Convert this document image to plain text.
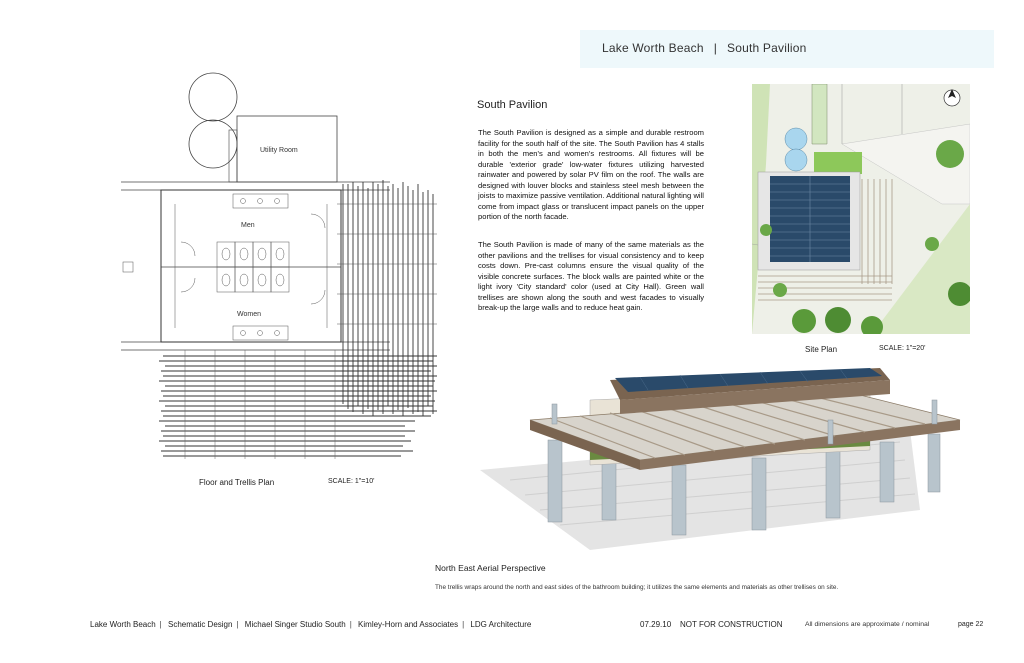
Lake Worth Beach | South Pavilion
Utility Room
Men
Women
Floor and Trellis Plan	SCALE: 1"=10'
South Pavilion
The South Pavilion is designed as a simple and durable restroom facility for the south half of the site. The South Pavilion has 4 stalls in both the men's and women's restrooms. All fixtures will be durable 'exterior grade' low-water fixtures utilizing harvested rainwater and powered by solar PV film on the roof. The walls are designed with louver blocks and stainless steel mesh between the joists to maximize passive ventilation. Additional natural lighting will come from impact glass or translucent impact panels on the upper portion of the north facade.
The South Pavilion is made of many of the same materials as the other pavilions and the trellises for visual consistency and to keep costs down. Pre-cast columns ensure the visual quality of the visible concrete surfaces. The block walls are painted white or the light ivory 'City standard' color (used at City Hall). Green wall trellises are shown along the south and west facades to visually break-up the large walls and to reduce heat gain.
Site Plan	SCALE: 1"=20'
North East Aerial Perspective
The trellis wraps around the north and east sides of the bathroom building; it utilizes the same elements and materials as other trellises on site.
Lake Worth Beach | Schematic Design | Michael Singer Studio South | Kimley-Horn and Associates | LDG Architecture	07.29.10 NOT FOR CONSTRUCTION	All dimensions are approximate / nominal	page 22
